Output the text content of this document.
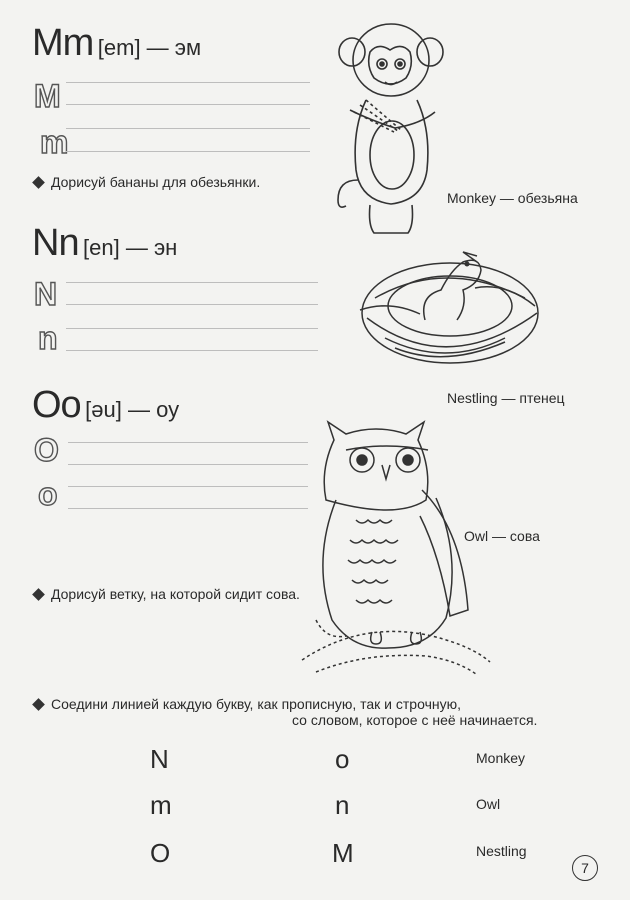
Mm [em] — эм
M
m
Дорисуй бананы для обезьянки.
Monkey — обезьяна
Nn [en] — эн
N
n
Oo [əu] — оу	Nestling — птенец
O
o
Owl — сова
Дорисуй ветку, на которой сидит сова.
Соедини линией каждую букву, как прописную, так и строчную,
со словом, которое с неё начинается.
N
m
O
o
n
M
Monkey
Owl
Nestling
7
